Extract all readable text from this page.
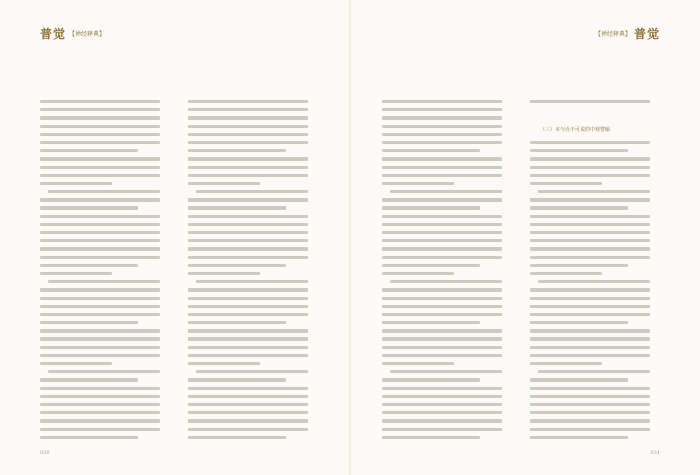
普觉 【禅经释典】
030
【禅经释典】 普觉
（三）本与诠不可说的中观譬喻
031
